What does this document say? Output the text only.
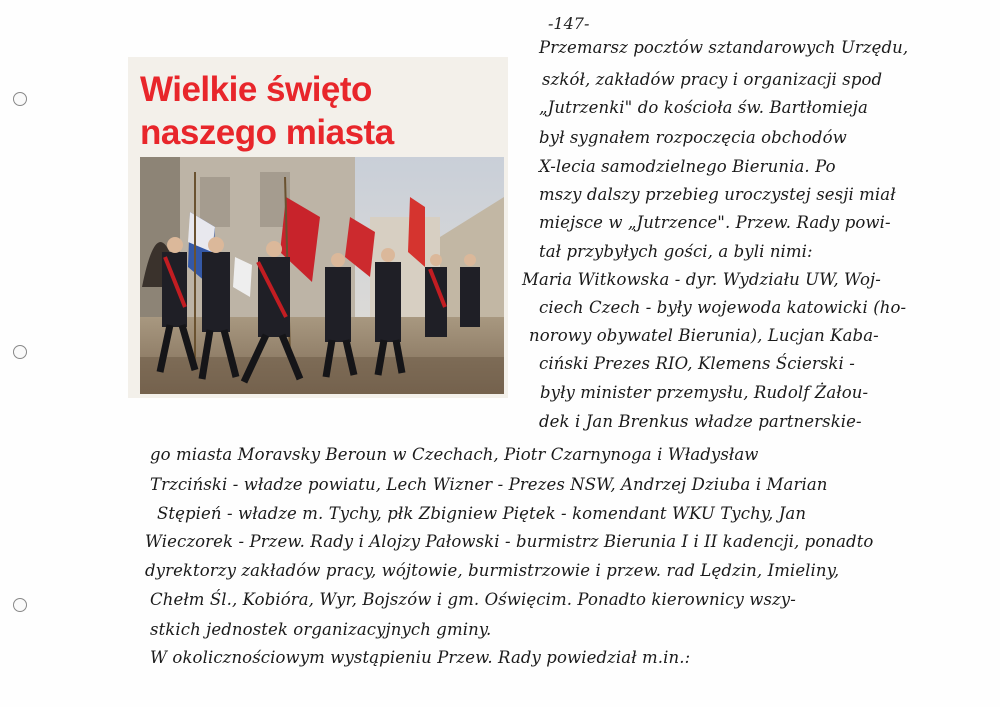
Wielkie święto
naszego miasta
-147-
Przemarsz pocztów sztandarowych Urzędu,
szkół, zakładów pracy i organizacji spod
„Jutrzenki" do kościoła św. Bartłomieja
był sygnałem rozpoczęcia obchodów
X-lecia samodzielnego Bierunia. Po
mszy dalszy przebieg uroczystej sesji miał
miejsce w „Jutrzence". Przew. Rady powi-
tał przybyłych gości, a byli nimi:
Maria Witkowska - dyr. Wydziału UW, Woj-
ciech Czech - były wojewoda katowicki (ho-
norowy obywatel Bierunia), Lucjan Kaba-
ciński Prezes RIO, Klemens Ścierski -
były minister przemysłu, Rudolf Żałou-
dek i Jan Brenkus władze partnerskie-
go miasta Moravsky Beroun w Czechach, Piotr Czarnynoga i Władysław
Trzciński - władze powiatu, Lech Wizner - Prezes NSW, Andrzej Dziuba i Marian
Stępień - władze m. Tychy, płk Zbigniew Piętek - komendant WKU Tychy, Jan
Wieczorek - Przew. Rady i Alojzy Pałowski - burmistrz Bierunia I i II kadencji, ponadto
dyrektorzy zakładów pracy, wójtowie, burmistrzowie i przew. rad Lędzin, Imieliny,
Chełm Śl., Kobióra, Wyr, Bojszów i gm. Oświęcim. Ponadto kierownicy wszy-
stkich jednostek organizacyjnych gminy.
W okolicznościowym wystąpieniu Przew. Rady powiedział m.in.:
